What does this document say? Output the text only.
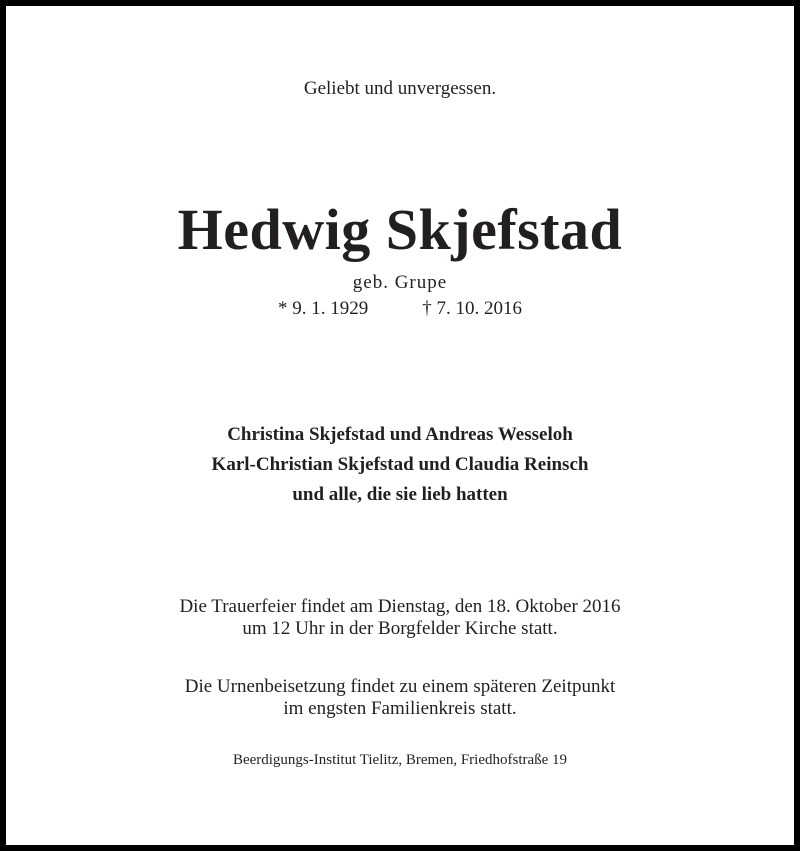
Geliebt und unvergessen.
Hedwig Skjefstad
geb. Grupe
* 9. 1. 1929	† 7. 10. 2016
Christina Skjefstad und Andreas Wesseloh
Karl-Christian Skjefstad und Claudia Reinsch
und alle, die sie lieb hatten
Die Trauerfeier findet am Dienstag, den 18. Oktober 2016
um 12 Uhr in der Borgfelder Kirche statt.
Die Urnenbeisetzung findet zu einem späteren Zeitpunkt
im engsten Familienkreis statt.
Beerdigungs-Institut Tielitz, Bremen, Friedhofstraße 19
